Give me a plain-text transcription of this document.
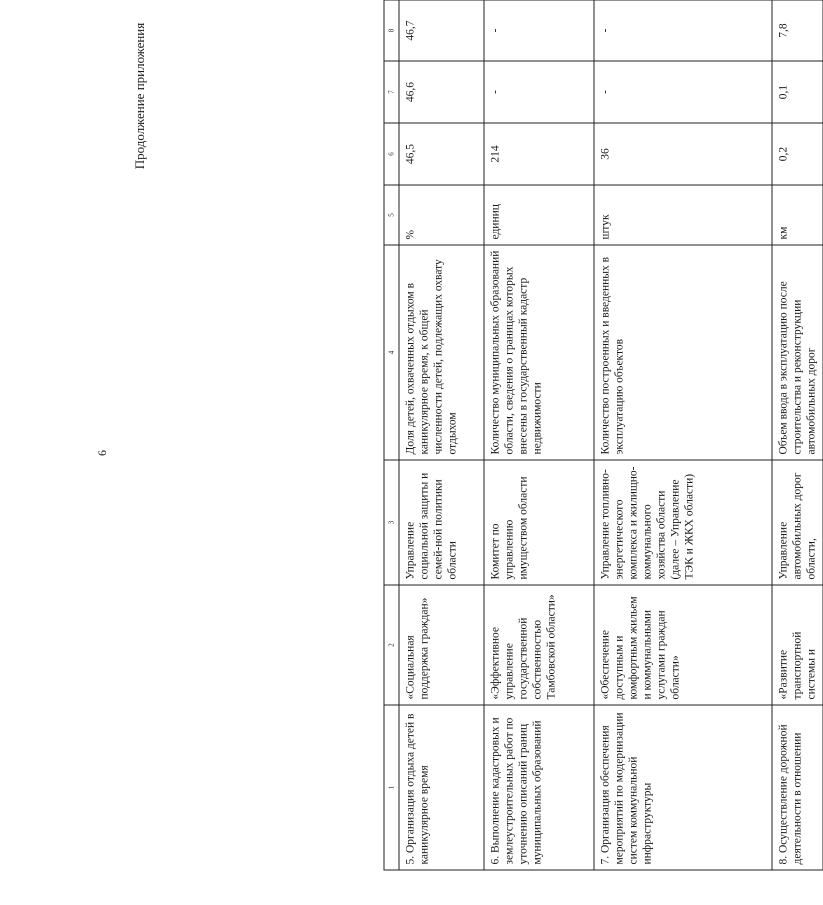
6
Продолжение приложения
1	2	3	4	5	6	7	8
5. Организация отдыха детей в каникулярное время	«Социальная поддержка граждан»	Управление социальной защиты и семей-ной политики области	Доля детей, охваченных отдыхом в каникулярное время, к общей численности детей, подлежащих охвату отдыхом	%	46,5	46,6	46,7
6. Выполнение кадастровых и землеустроительных работ по уточнению описаний границ муниципальных образований	«Эффективное управление государственной собственностью Тамбовской области»	Комитет по управлению имуществом области	Количество муниципальных образований области, сведения о границах которых внесены в государственный кадастр недвижимости	единиц	214	-	-
7. Организация обеспечения мероприятий по модернизации систем коммунальной инфраструктуры	«Обеспечение доступным и комфортным жильем и коммунальными услугами граждан области»	Управление топливно-энергетического комплекса и жилищно-коммунального хозяйства области (далее – Управление ТЭК и ЖКХ области)	Количество построенных и введенных в эксплуатацию объектов	штук	36	-	-
8. Осуществление дорожной деятельности в отношении	«Развитие транспортной системы и	Управление автомобильных дорог области,	Объем ввода в эксплуатацию после строительства и реконструкции автомобильных дорог	км	0,2	0,1	7,8
